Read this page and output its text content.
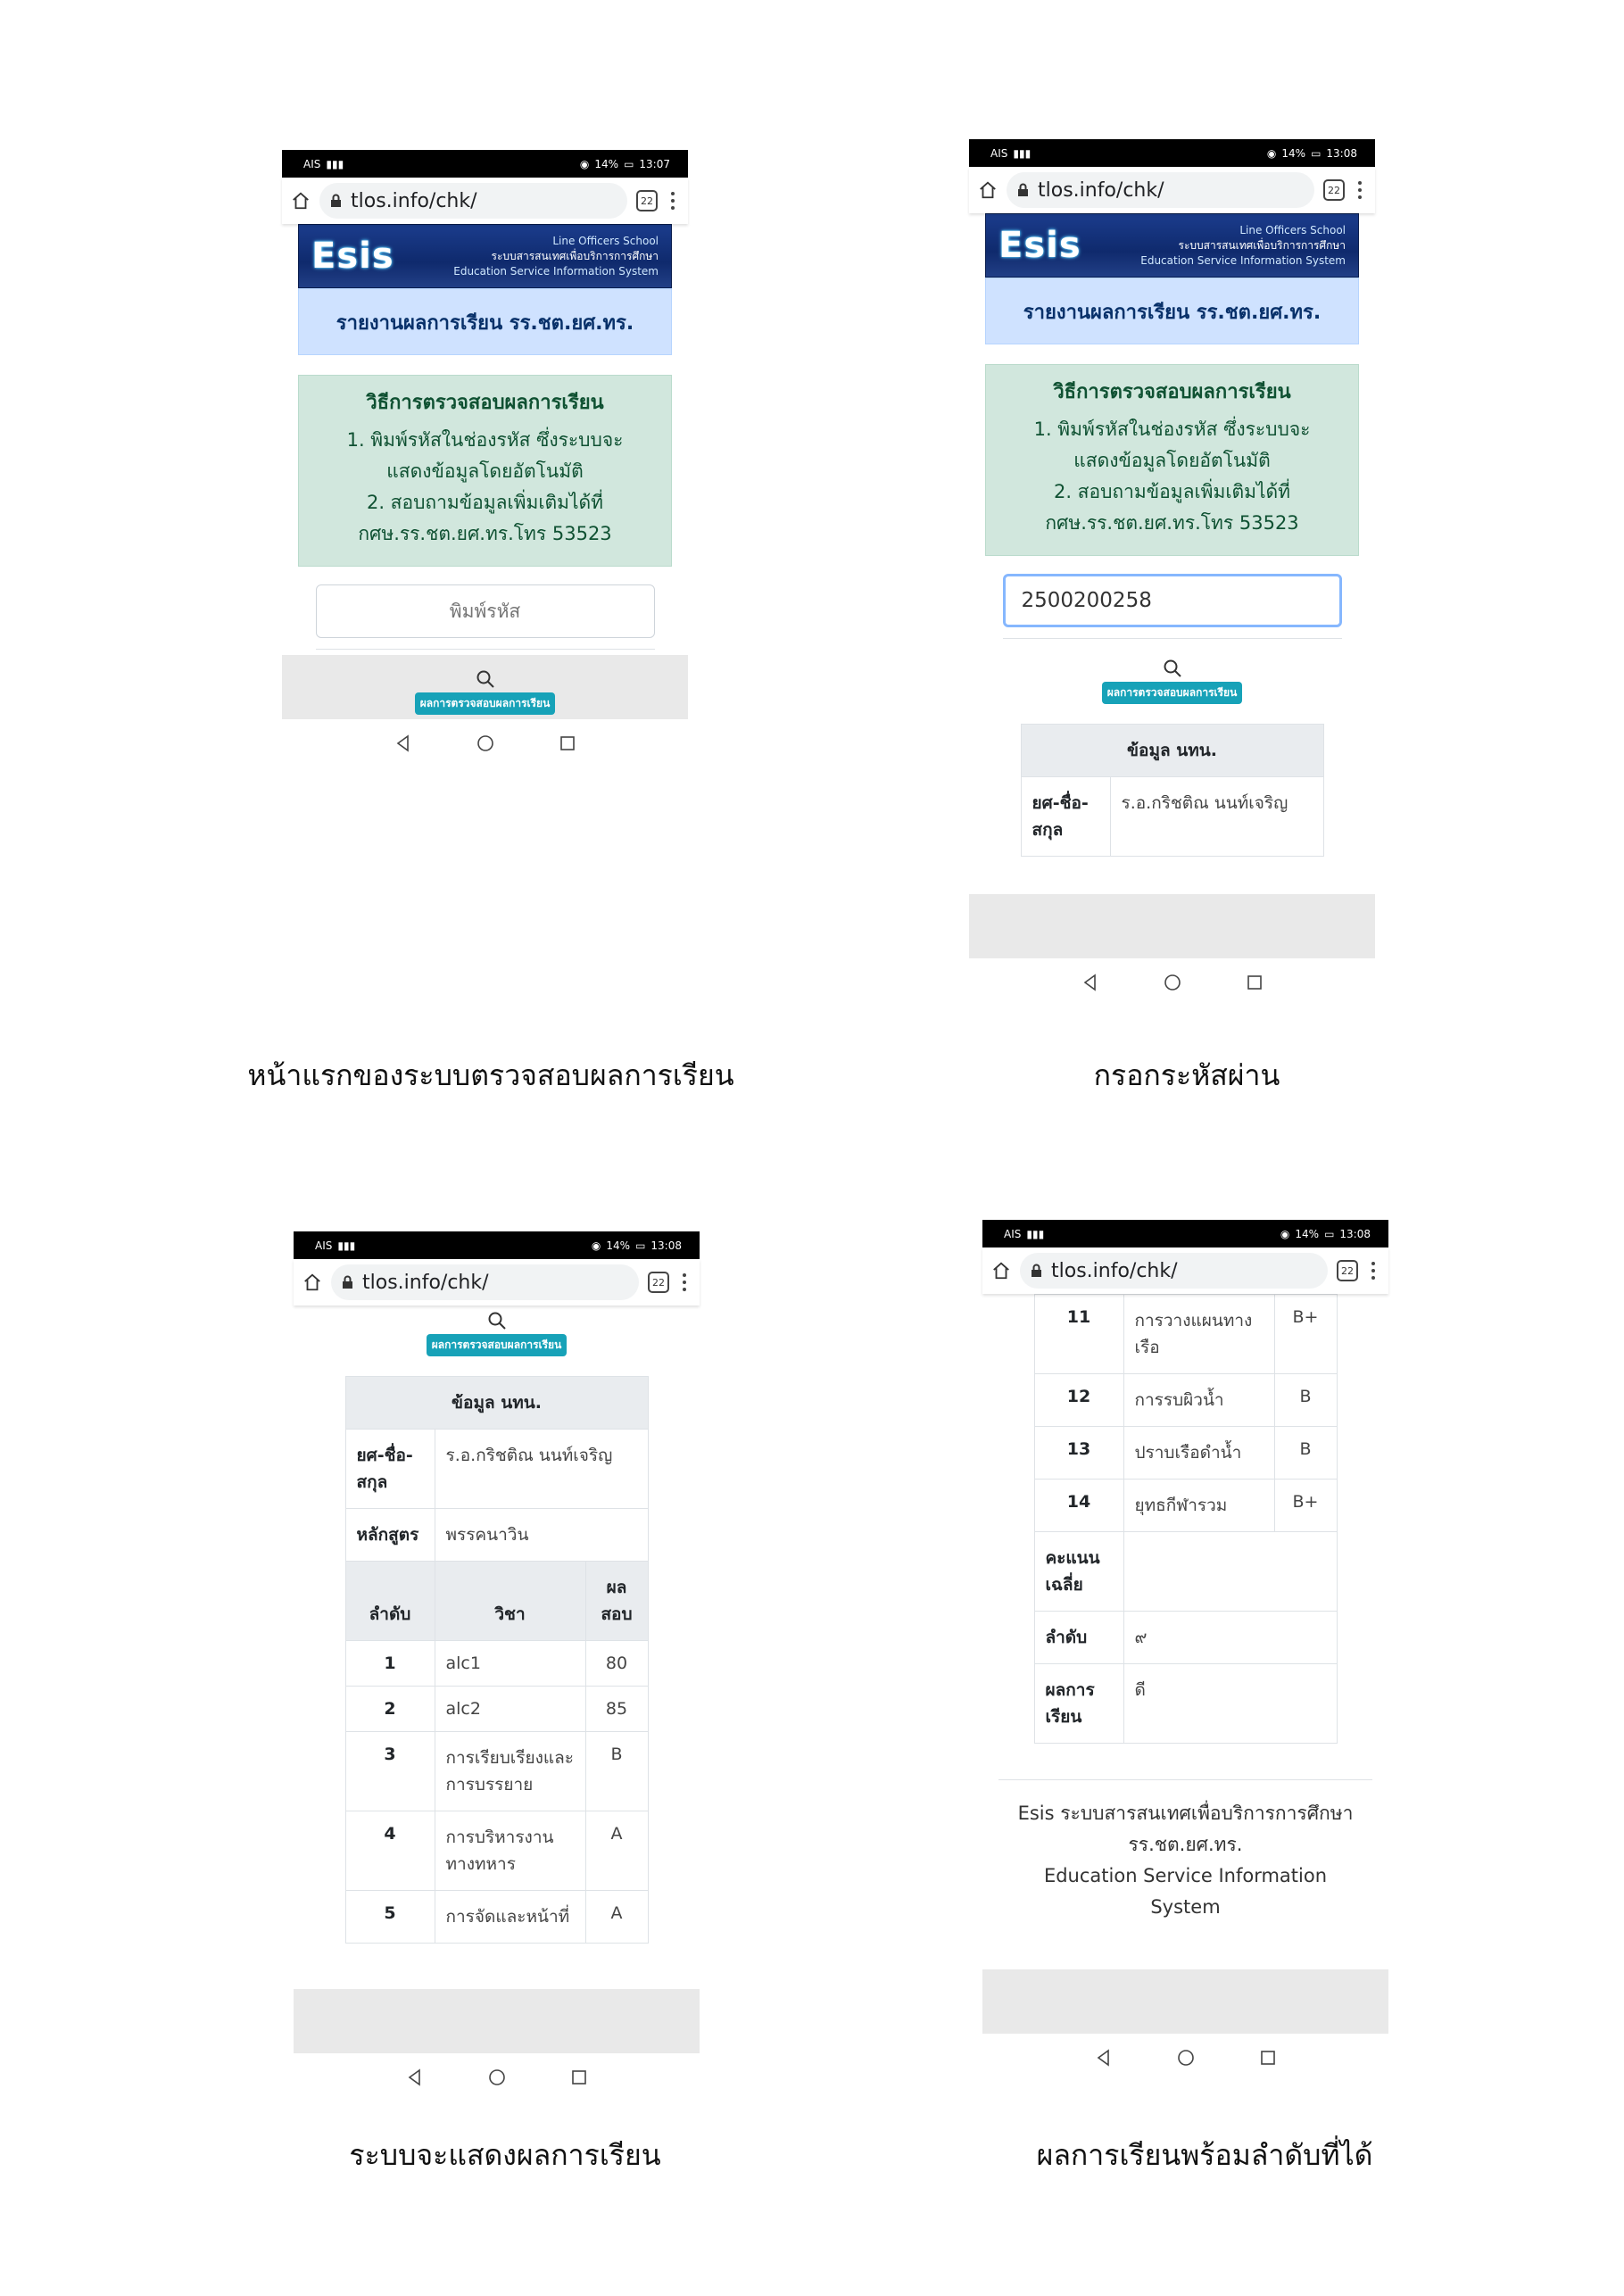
AIS ▮▮▮	◉ 14% ▭ 13:07
tlos.info/chk/	22
Esis	Line Officers School
ระบบสารสนเทศเพื่อบริการการศึกษา
Education Service Information System
รายงานผลการเรียน รร.ชต.ยศ.ทร.
วิธีการตรวจสอบผลการเรียน
1. พิมพ์รหัสในช่องรหัส ซึ่งระบบจะ
แสดงข้อมูลโดยอัตโนมัติ
2. สอบถามข้อมูลเพิ่มเติมได้ที่
กศษ.รร.ชต.ยศ.ทร.โทร 53523
พิมพ์รหัส
ผลการตรวจสอบผลการเรียน
AIS ▮▮▮	◉ 14% ▭ 13:08
tlos.info/chk/	22
Esis	Line Officers School
ระบบสารสนเทศเพื่อบริการการศึกษา
Education Service Information System
รายงานผลการเรียน รร.ชต.ยศ.ทร.
วิธีการตรวจสอบผลการเรียน
1. พิมพ์รหัสในช่องรหัส ซึ่งระบบจะ
แสดงข้อมูลโดยอัตโนมัติ
2. สอบถามข้อมูลเพิ่มเติมได้ที่
กศษ.รร.ชต.ยศ.ทร.โทร 53523
2500200258
ผลการตรวจสอบผลการเรียน
ข้อมูล นทน.
ยศ-ชื่อ-สกุล	ร.อ.กริชติณ นนท์เจริญ
AIS ▮▮▮	◉ 14% ▭ 13:08
tlos.info/chk/	22
ผลการตรวจสอบผลการเรียน
ข้อมูล นทน.		
ยศ-ชื่อ-สกุล	ร.อ.กริชติณ นนท์เจริญ	
หลักสูตร	พรรคนาวิน	
ลำดับ	วิชา	ผลสอบ
1	alc1	80
2	alc2	85
3	การเรียบเรียงและการบรรยาย	B
4	การบริหารงานทางทหาร	A
5	การจัดและหน้าที่	A
AIS ▮▮▮	◉ 14% ▭ 13:08
tlos.info/chk/	22
11	การวางแผนทางเรือ	B+
12	การรบผิวน้ำ	B
13	ปราบเรือดำน้ำ	B
14	ยุทธกีฬารวม	B+
คะแนนเฉลี่ย		
ลำดับ	๙	
ผลการเรียน	ดี	
Esis ระบบสารสนเทศเพื่อบริการการศึกษา
รร.ชต.ยศ.ทร.
Education Service Information System
หน้าแรกของระบบตรวจสอบผลการเรียน	กรอกระหัสผ่าน
ระบบจะแสดงผลการเรียน	ผลการเรียนพร้อมลำดับที่ได้
